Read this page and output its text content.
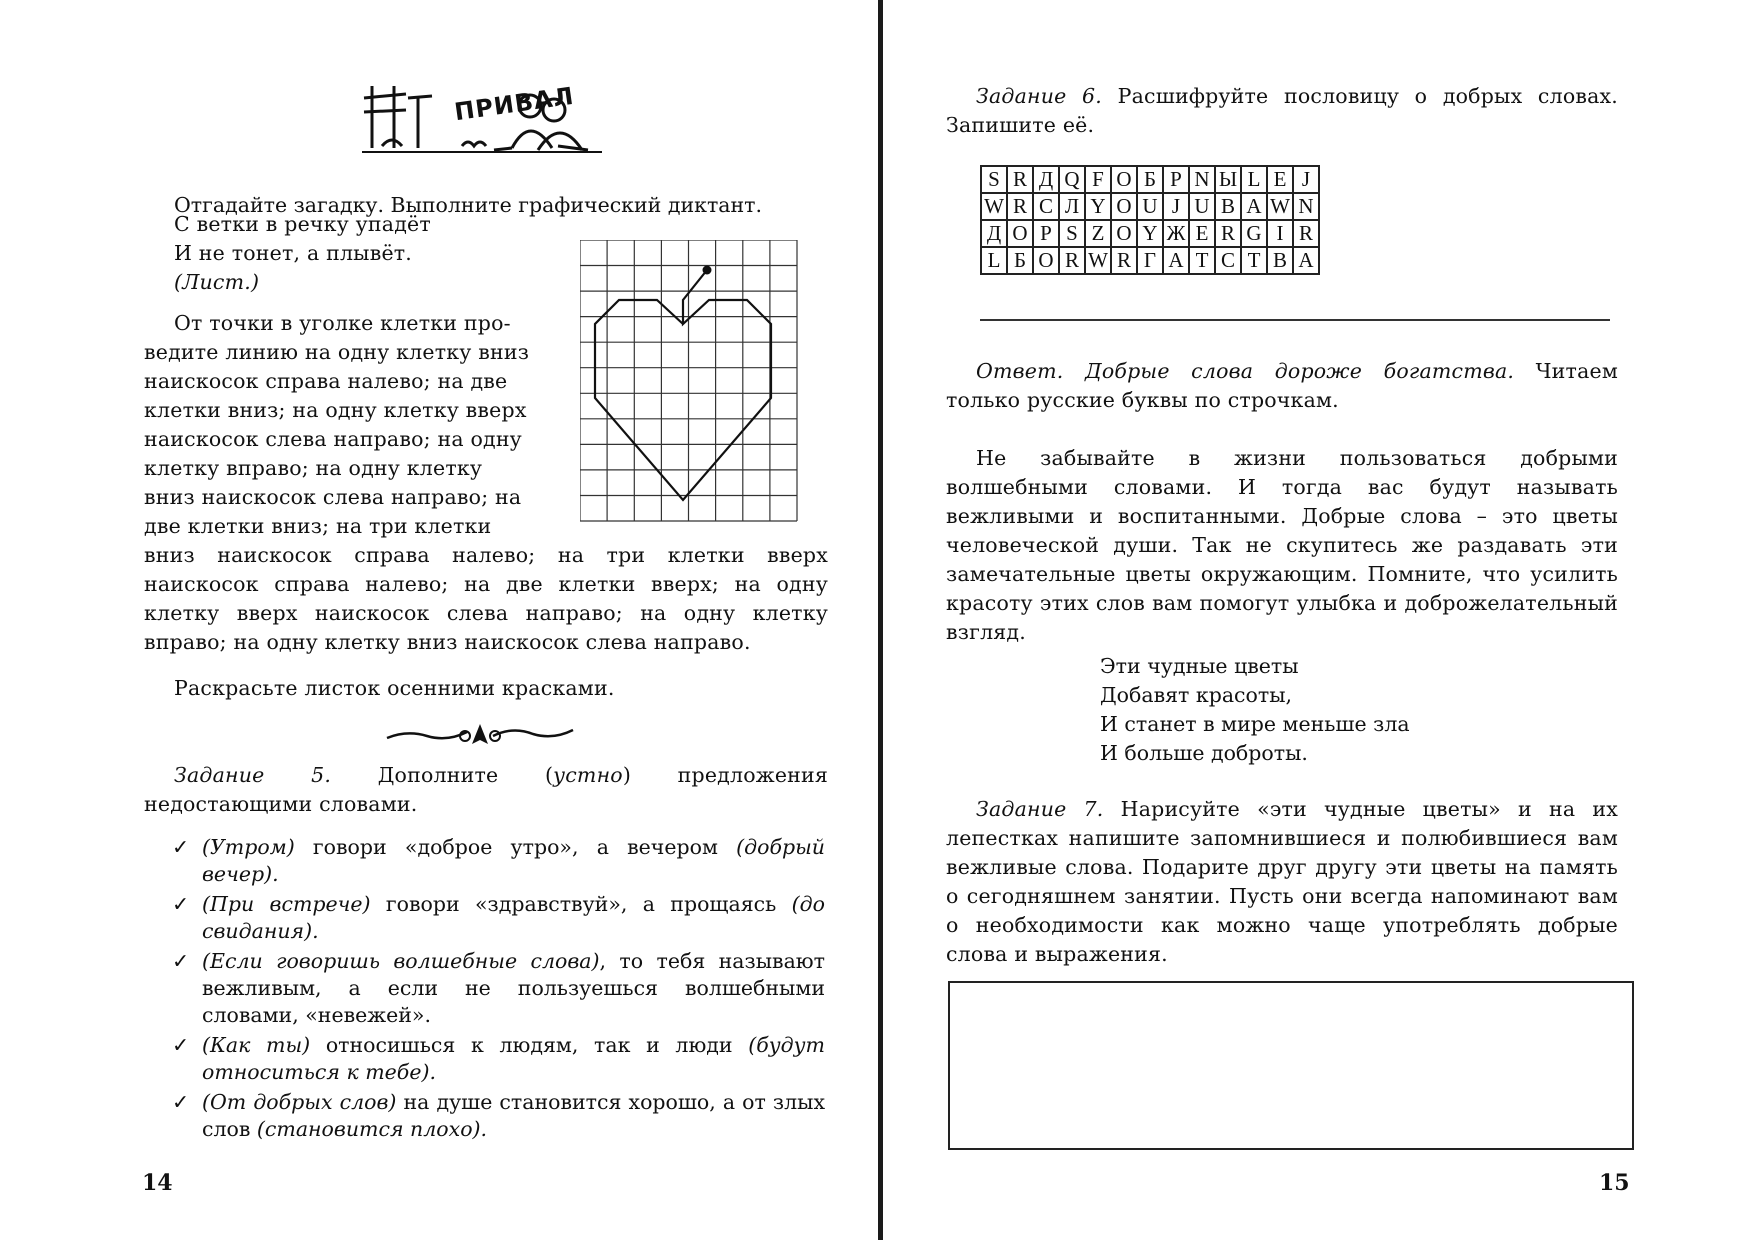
ПРИВАЛ

Отгадайте загадку. Выполните графический диктант.

С ветки в речку упадёт
И не тонет, а плывёт.
(Лист.)
От точки в уголке клетки про-
ведите линию на одну клетку вниз
наискосок справа налево; на две
клетки вниз; на одну клетку вверх
наискосок слева направо; на одну
клетку вправо; на одну клетку
вниз наискосок слева направо; на
две клетки вниз; на три клетки

вниз наискосок справа налево; на три клетки вверх наискосок справа налево; на две клетки вверх; на одну клетку вверх наискосок слева направо; на одну клетку вправо; на одну клетку вниз наискосок слева направо.

Раскрасьте листок осенними красками.

Задание 5. Дополните (устно) предложения недостающими словами.

✓ (Утром) говори «доброе утро», а вечером (добрый вечер).
✓ (При встрече) говори «здравствуй», а прощаясь (до свидания).
✓ (Если говоришь волшебные слова), то тебя называют вежливым, а если не пользуешься волшебными словами, «невежей».
✓ (Как ты) относишься к людям, так и люди (будут относиться к тебе).
✓ (От добрых слов) на душе становится хорошо, а от злых слов (становится плохо).
14

Задание 6. Расшифруйте пословицу о добрых словах. Запишите её.

S	R	Д	Q	F	О	Б	Р	N	Ы	L	E	J
W	R	С	Л	Y	O	U	J	U	B	A	W	N
Д	О	Р	S	Z	О	Y	Ж	Е	R	G	I	R
L	Б	O	R	W	R	Г	А	Т	С	Т	В	А

Ответ. Добрые слова дороже богатства. Читаем только русские буквы по строчкам.

Не забывайте в жизни пользоваться добрыми волшебными словами. И тогда вас будут называть вежливыми и воспитанными. Добрые слова – это цветы человеческой души. Так не скупитесь же раздавать эти замечательные цветы окружающим. Помните, что усилить красоту этих слов вам помогут улыбка и доброжелательный взгляд.

Задание 7. Нарисуйте «эти чудные цветы» и на их лепестках напишите запомнившиеся и полюбившиеся вам вежливые слова. Подарите друг другу эти цветы на память о сегодняшнем занятии. Пусть они всегда напоминают вам о необходимости как можно чаще употреблять добрые слова и выражения.

15
Эти чудные цветы
Добавят красоты,
И станет в мире меньше зла
И больше доброты.
